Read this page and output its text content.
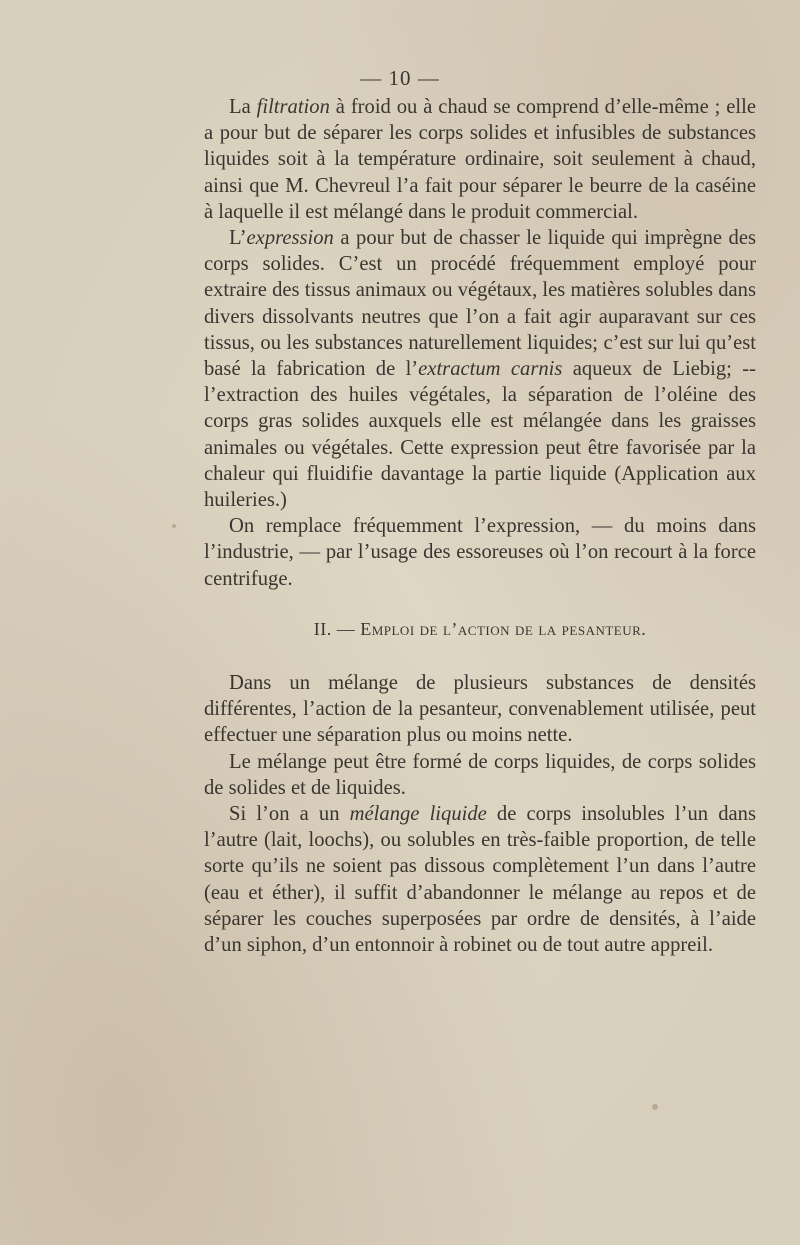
— 10 —

La filtration à froid ou à chaud se comprend d’elle-même ; elle a pour but de séparer les corps solides et infusibles de substances liquides soit à la température ordinaire, soit seulement à chaud, ainsi que M. Chevreul l’a fait pour séparer le beurre de la caséine à laquelle il est mélangé dans le produit commercial.

L’expression a pour but de chasser le liquide qui imprègne des corps solides. C’est un procédé fréquemment employé pour extraire des tissus animaux ou végétaux, les matières solubles dans divers dissolvants neutres que l’on a fait agir auparavant sur ces tissus, ou les substances naturellement liquides; c’est sur lui qu’est basé la fabrication de l’extractum carnis aqueux de Liebig; -- l’extraction des huiles végétales, la séparation de l’oléine des corps gras solides auxquels elle est mélangée dans les graisses animales ou végétales. Cette expression peut être favorisée par la chaleur qui fluidifie davantage la partie liquide (Application aux huileries.)

On remplace fréquemment l’expression, — du moins dans l’industrie, — par l’usage des essoreuses où l’on recourt à la force centrifuge.

II. — Emploi de l’action de la pesanteur.

Dans un mélange de plusieurs substances de densités différentes, l’action de la pesanteur, convenablement utilisée, peut effectuer une séparation plus ou moins nette.

Le mélange peut être formé de corps liquides, de corps solides de solides et de liquides.

Si l’on a un mélange liquide de corps insolubles l’un dans l’autre (lait, loochs), ou solubles en très-faible proportion, de telle sorte qu’ils ne soient pas dissous complètement l’un dans l’autre (eau et éther), il suffit d’abandonner le mélange au repos et de séparer les couches superposées par ordre de densités, à l’aide d’un siphon, d’un entonnoir à robinet ou de tout autre appreil.
